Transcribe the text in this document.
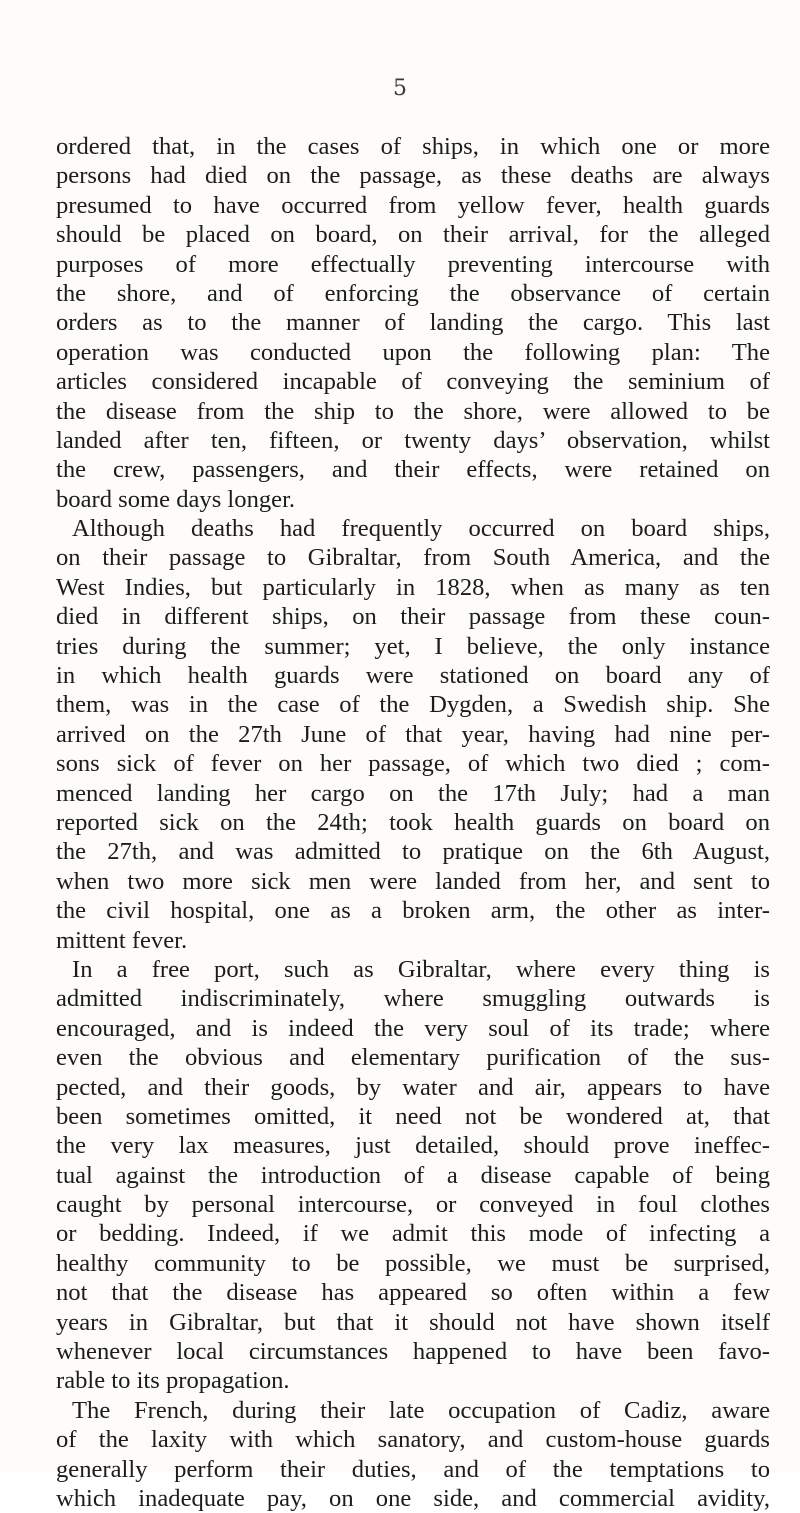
5
ordered that, in the cases of ships, in which one or more
persons had died on the passage, as these deaths are always
presumed to have occurred from yellow fever, health guards
should be placed on board, on their arrival, for the alleged
purposes of more effectually preventing intercourse with
the shore, and of enforcing the observance of certain
orders as to the manner of landing the cargo. This last
operation was conducted upon the following plan: The
articles considered incapable of conveying the seminium of
the disease from the ship to the shore, were allowed to be
landed after ten, fifteen, or twenty days’ observation, whilst
the crew, passengers, and their effects, were retained on
board some days longer.
Although deaths had frequently occurred on board ships,
on their passage to Gibraltar, from South America, and the
West Indies, but particularly in 1828, when as many as ten
died in different ships, on their passage from these coun-
tries during the summer; yet, I believe, the only instance
in which health guards were stationed on board any of
them, was in the case of the Dygden, a Swedish ship. She
arrived on the 27th June of that year, having had nine per-
sons sick of fever on her passage, of which two died ; com-
menced landing her cargo on the 17th July; had a man
reported sick on the 24th; took health guards on board on
the 27th, and was admitted to pratique on the 6th August,
when two more sick men were landed from her, and sent to
the civil hospital, one as a broken arm, the other as inter-
mittent fever.
In a free port, such as Gibraltar, where every thing is
admitted indiscriminately, where smuggling outwards is
encouraged, and is indeed the very soul of its trade; where
even the obvious and elementary purification of the sus-
pected, and their goods, by water and air, appears to have
been sometimes omitted, it need not be wondered at, that
the very lax measures, just detailed, should prove ineffec-
tual against the introduction of a disease capable of being
caught by personal intercourse, or conveyed in foul clothes
or bedding. Indeed, if we admit this mode of infecting a
healthy community to be possible, we must be surprised,
not that the disease has appeared so often within a few
years in Gibraltar, but that it should not have shown itself
whenever local circumstances happened to have been favo-
rable to its propagation.
The French, during their late occupation of Cadiz, aware
of the laxity with which sanatory, and custom-house guards
generally perform their duties, and of the temptations to
which inadequate pay, on one side, and commercial avidity,
